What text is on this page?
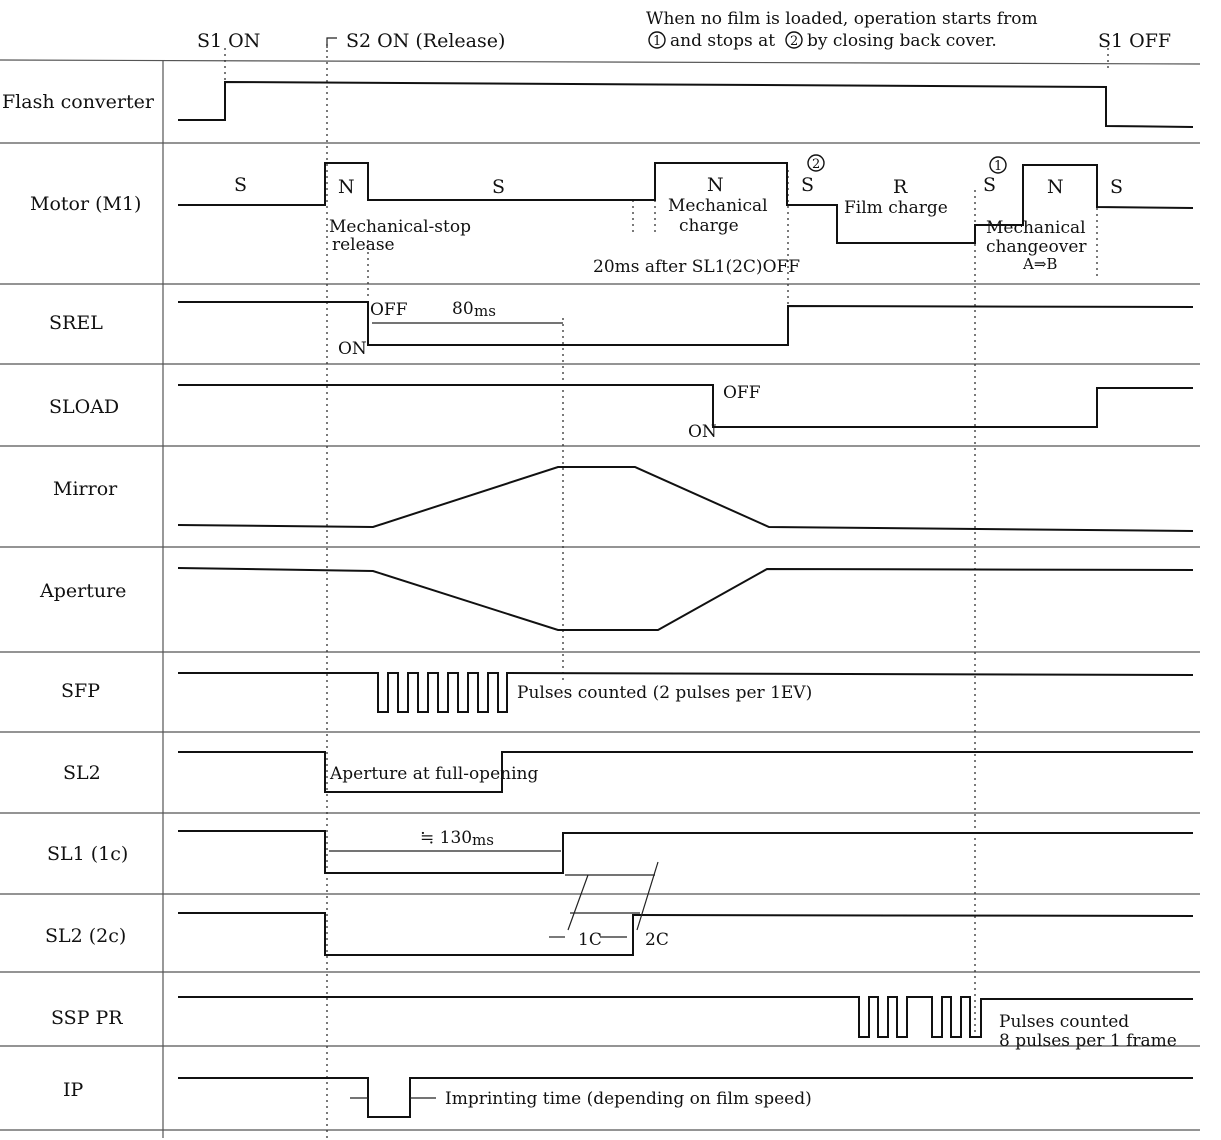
S1 ON	S2 ON (Release)
When no film is loaded, operation starts from
1 and stops at 2 by closing back cover.	S1 OFF
Flash converter
Motor (M1)
SREL
SLOAD
Mirror
Aperture
SFP
SL2
SL1 (1c)
SL2 (2c)
SSP PR
IP
S	N	S	N
Mechanical
charge
2
S	R
Film charge
1
S	N S
Mechanical-stop
release
20ms after SL1(2C)OFF
Mechanical
changeover
A⇒B
OFF
ON
80 ms
OFF
ON
Pulses counted (2 pulses per 1EV)
Aperture at full-opening
≒ 130 ms
1C	2C
Pulses counted
8 pulses per 1 frame
Imprinting time (depending on film speed)
